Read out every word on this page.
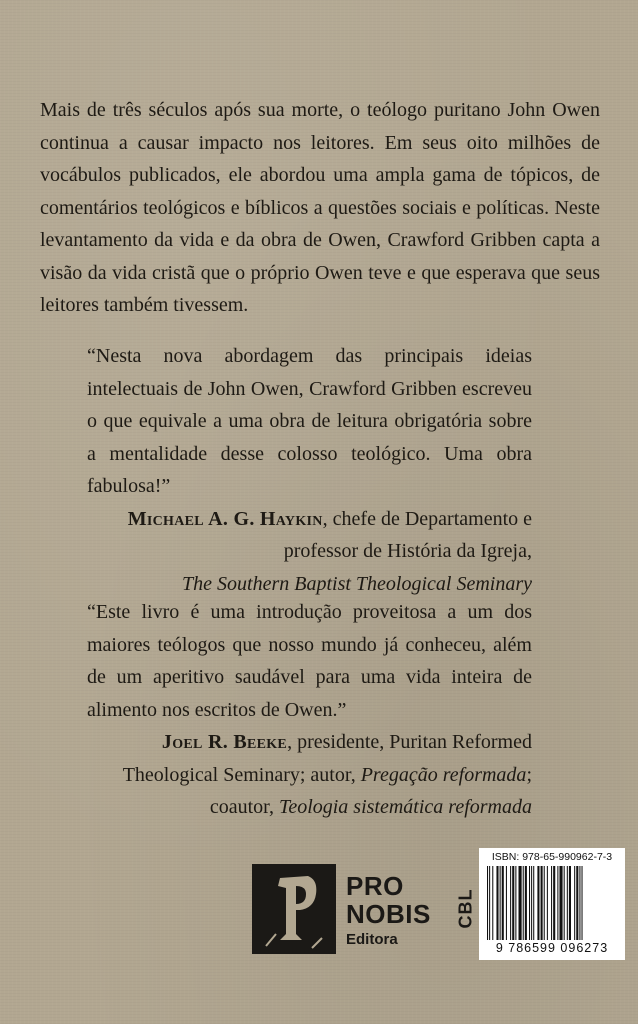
Mais de três séculos após sua morte, o teólogo puritano John Owen continua a causar impacto nos leitores. Em seus oito milhões de vocábulos publicados, ele abordou uma ampla gama de tópicos, de comentários teológicos e bíblicos a questões sociais e políticas. Neste levantamento da vida e da obra de Owen, Crawford Gribben capta a visão da vida cristã que o próprio Owen teve e que esperava que seus leitores também tivessem.

“Nesta nova abordagem das principais ideias intelectuais de John Owen, Crawford Gribben escreveu o que equivale a uma obra de leitura obrigatória sobre a mentalidade desse colosso teológico. Uma obra fabulosa!”

Michael A. G. Haykin, chefe de Departamento e professor de História da Igreja,
The Southern Baptist Theological Seminary

“Este livro é uma introdução proveitosa a um dos maiores teólogos que nosso mundo já conheceu, além de um aperitivo saudável para uma vida inteira de alimento nos escritos de Owen.”

Joel R. Beeke, presidente, Puritan Reformed Theological Seminary; autor, Pregação reformada; coautor, Teologia sistemática reformada

PRO
NOBIS
Editora
CBL
ISBN: 978-65-990962-7-3
9 786599 096273
